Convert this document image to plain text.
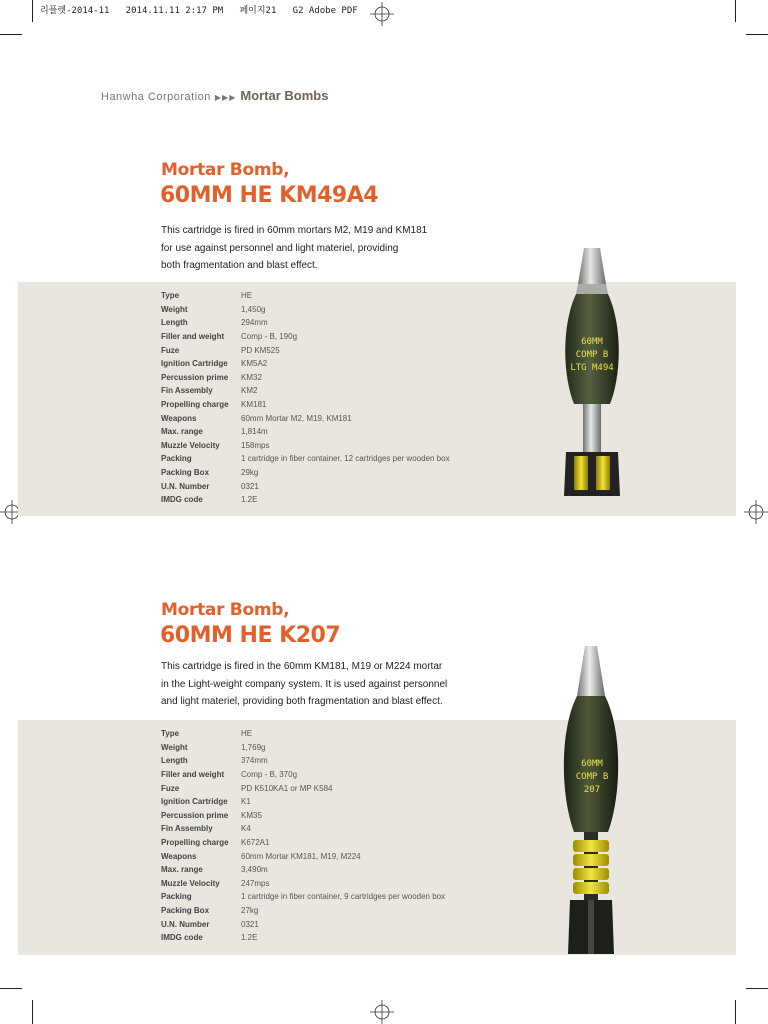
리플렛-2014-11   2014.11.11 2:17 PM   페이지21   G2 Adobe PDF
Hanwha Corporation ▶▶▶ Mortar Bombs
Mortar Bomb,
60MM HE KM49A4
This cartridge is fired in 60mm mortars M2, M19 and KM181
for use against personnel and light materiel, providing
both fragmentation and blast effect.
Type	HE
Weight	1,450g
Length	294mm
Filler and weight	Comp - B, 190g
Fuze	PD KM525
Ignition Cartridge	KM5A2
Percussion prime	KM32
Fin Assembly	KM2
Propelling charge	KM181
Weapons	60mm Mortar M2, M19, KM181
Max. range	1,814m
Muzzle Velocity	158mps
Packing	1 cartridge in fiber container, 12 cartridges per wooden box
Packing Box	29kg
U.N. Number	0321
IMDG code	1.2E
60MM
COMP B
LTG M494
Mortar Bomb,
60MM HE K207
This cartridge is fired in the 60mm KM181, M19 or M224 mortar
in the Light-weight company system. It is used against personnel
and light materiel, providing both fragmentation and blast effect.
Type	HE
Weight	1,769g
Length	374mm
Filler and weight	Comp - B, 370g
Fuze	PD K510KA1 or MP K584
Ignition Cartridge	K1
Percussion prime	KM35
Fin Assembly	K4
Propelling charge	K672A1
Weapons	60mm Mortar KM181, M19, M224
Max. range	3,490m
Muzzle Velocity	247mps
Packing	1 cartridge in fiber container, 9 cartridges per wooden box
Packing Box	27kg
U.N. Number	0321
IMDG code	1.2E
60MM
COMP B
207
